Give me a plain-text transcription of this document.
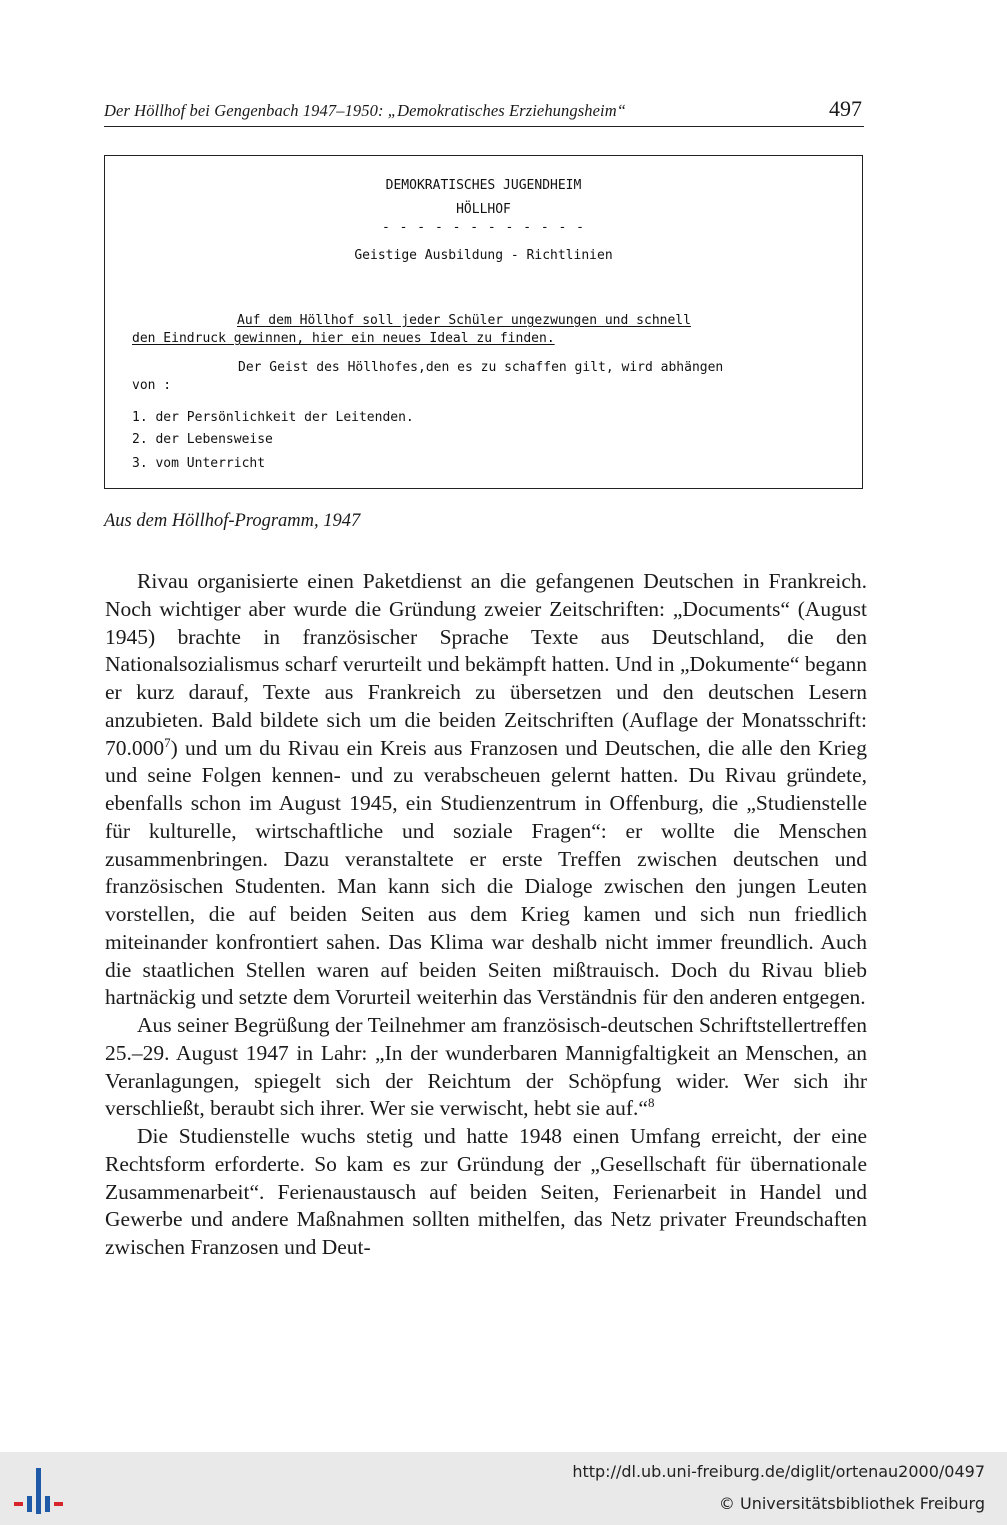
Der Höllhof bei Gengenbach 1947–1950: „Demokratisches Erziehungsheim“	497
DEMOKRATISCHES JUGENDHEIM
HÖLLHOF
- - - - - - - - - - - -
Geistige Ausbildung - Richtlinien
Auf dem Höllhof soll jeder Schüler ungezwungen und schnell
den Eindruck gewinnen, hier ein neues Ideal zu finden.
Der Geist des Höllhofes,den es zu schaffen gilt, wird abhängen
von :
1. der Persönlichkeit der Leitenden.
2. der Lebensweise
3. vom Unterricht
Aus dem Höllhof-Programm, 1947

Rivau organisierte einen Paketdienst an die gefangenen Deutschen in Frankreich. Noch wichtiger aber wurde die Gründung zweier Zeitschriften: „Documents“ (August 1945) brachte in französischer Sprache Texte aus Deutschland, die den Nationalsozialismus scharf verurteilt und bekämpft hatten. Und in „Dokumente“ begann er kurz darauf, Texte aus Frankreich zu übersetzen und den deutschen Lesern anzubieten. Bald bildete sich um die beiden Zeitschriften (Auflage der Monatsschrift: 70.000$^7$) und um du Rivau ein Kreis aus Franzosen und Deutschen, die alle den Krieg und seine Folgen kennen- und zu verabscheuen gelernt hatten. Du Rivau gründete, ebenfalls schon im August 1945, ein Studienzentrum in Offenburg, die „Studienstelle für kulturelle, wirtschaftliche und soziale Fragen“: er wollte die Menschen zusammenbringen. Dazu veranstaltete er erste Treffen zwischen deutschen und französischen Studenten. Man kann sich die Dialoge zwischen den jungen Leuten vorstellen, die auf beiden Seiten aus dem Krieg kamen und sich nun friedlich miteinander konfrontiert sahen. Das Klima war deshalb nicht immer freundlich. Auch die staatlichen Stellen waren auf beiden Seiten mißtrauisch. Doch du Rivau blieb hartnäckig und setzte dem Vorurteil weiterhin das Verständnis für den anderen entgegen.

Aus seiner Begrüßung der Teilnehmer am französisch-deutschen Schriftstellertreffen 25.–29. August 1947 in Lahr: „In der wunderbaren Mannigfaltigkeit an Menschen, an Veranlagungen, spiegelt sich der Reichtum der Schöpfung wider. Wer sich ihr verschließt, beraubt sich ihrer. Wer sie verwischt, hebt sie auf.“$^8$

Die Studienstelle wuchs stetig und hatte 1948 einen Umfang erreicht, der eine Rechtsform erforderte. So kam es zur Gründung der „Gesellschaft für übernationale Zusammenarbeit“. Ferienaustausch auf beiden Seiten, Ferienarbeit in Handel und Gewerbe und andere Maßnahmen sollten mithelfen, das Netz privater Freundschaften zwischen Franzosen und Deut-

http://dl.ub.uni-freiburg.de/diglit/ortenau2000/0497
© Universitätsbibliothek Freiburg
